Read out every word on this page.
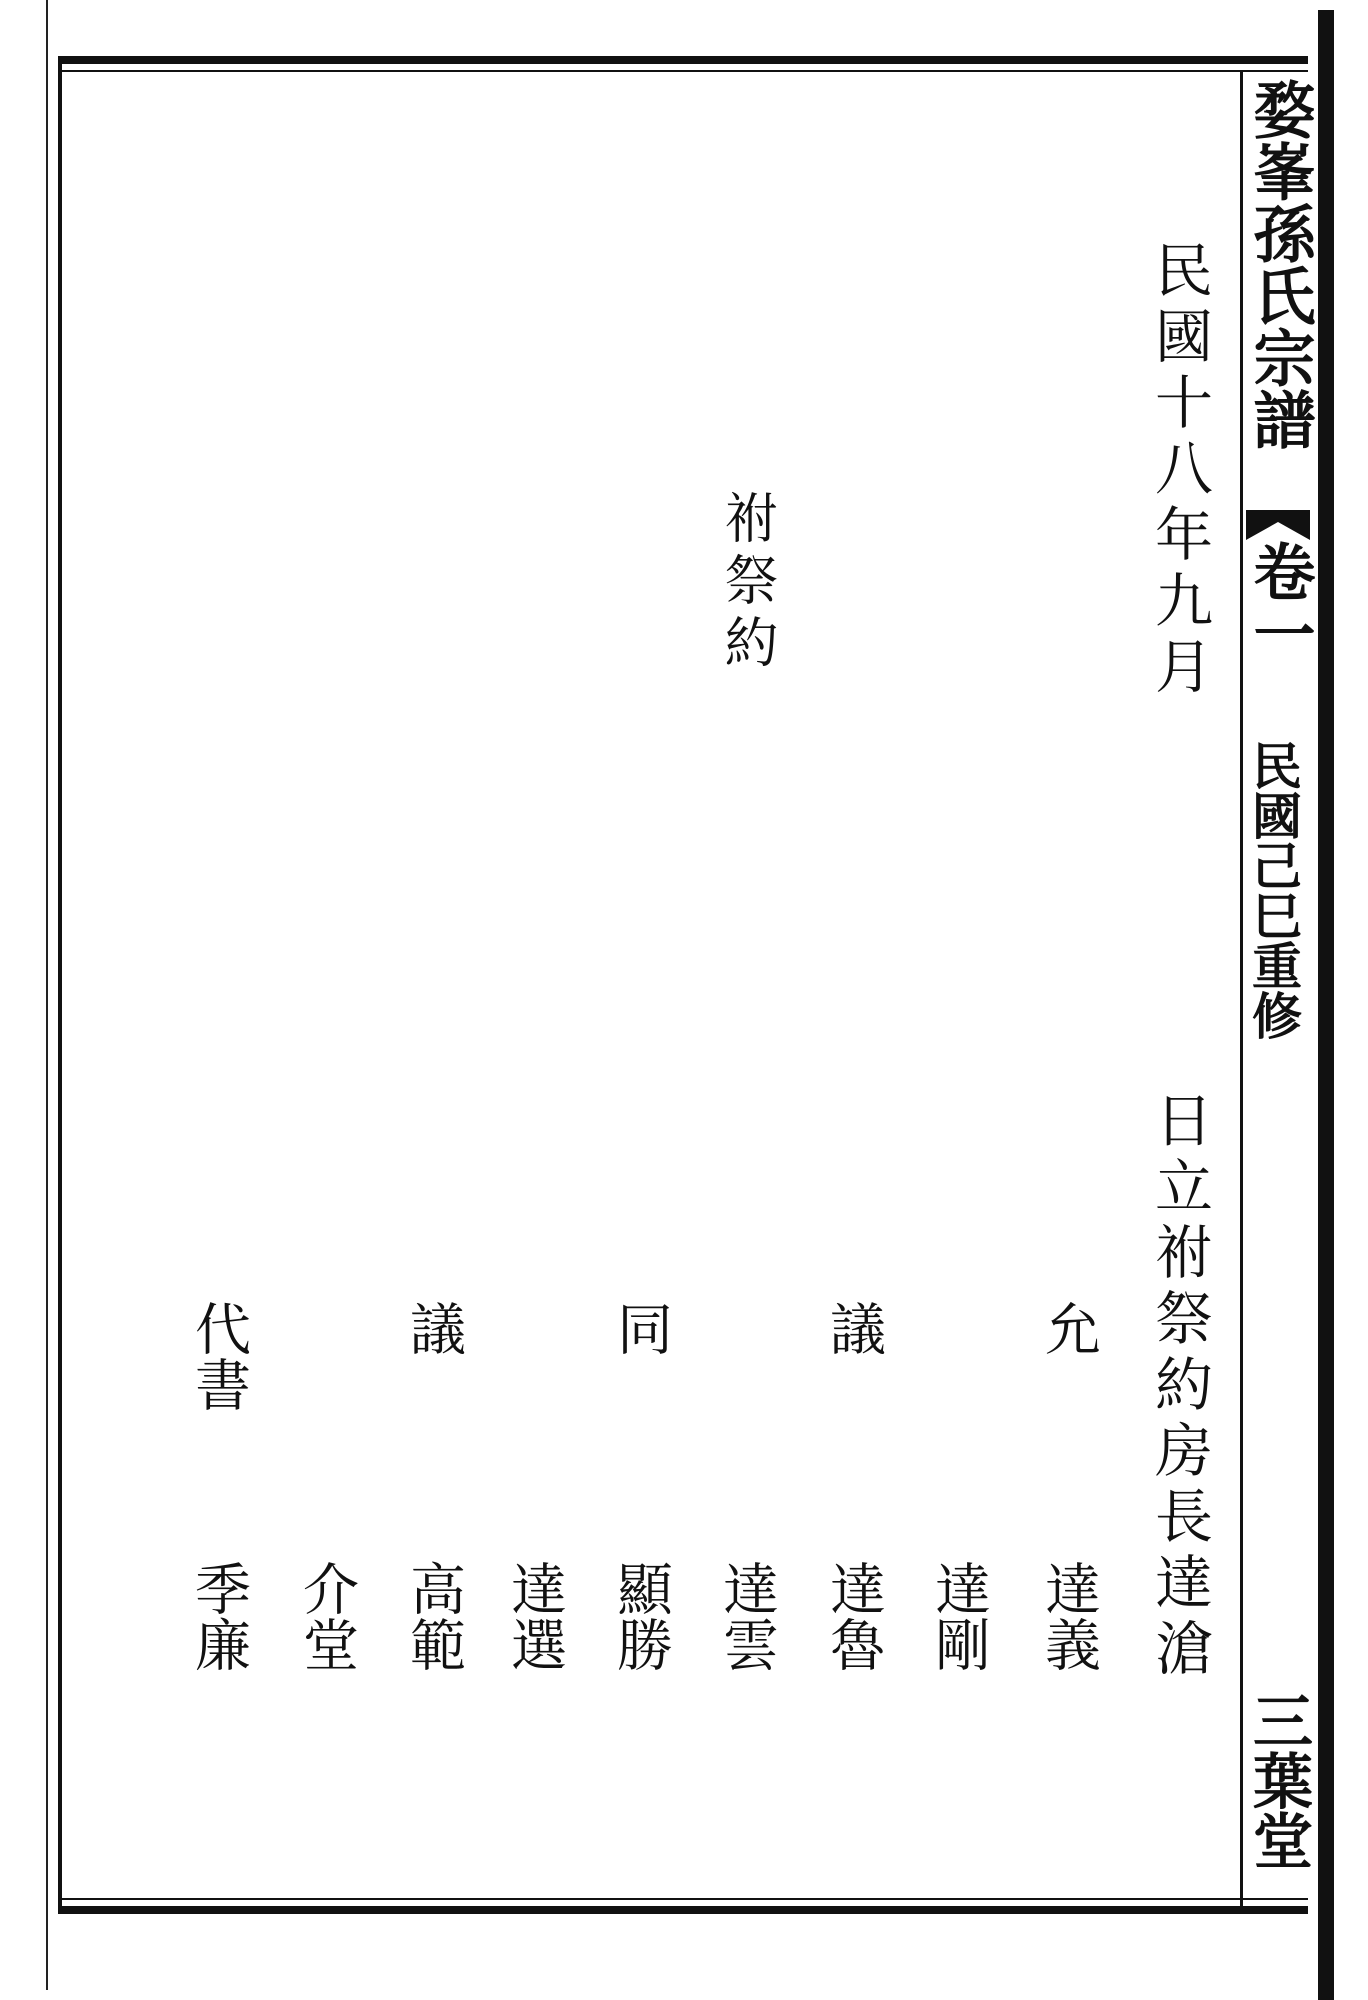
婺峯孫氏宗譜
卷一
民國己巳重修
三葉堂
民國十八年九月
日立祔祭約房長達滄
祔祭約
允
達義
達剛
議
達魯
達雲
同
顯勝
達選
議
高範
介堂
代書
季廉
